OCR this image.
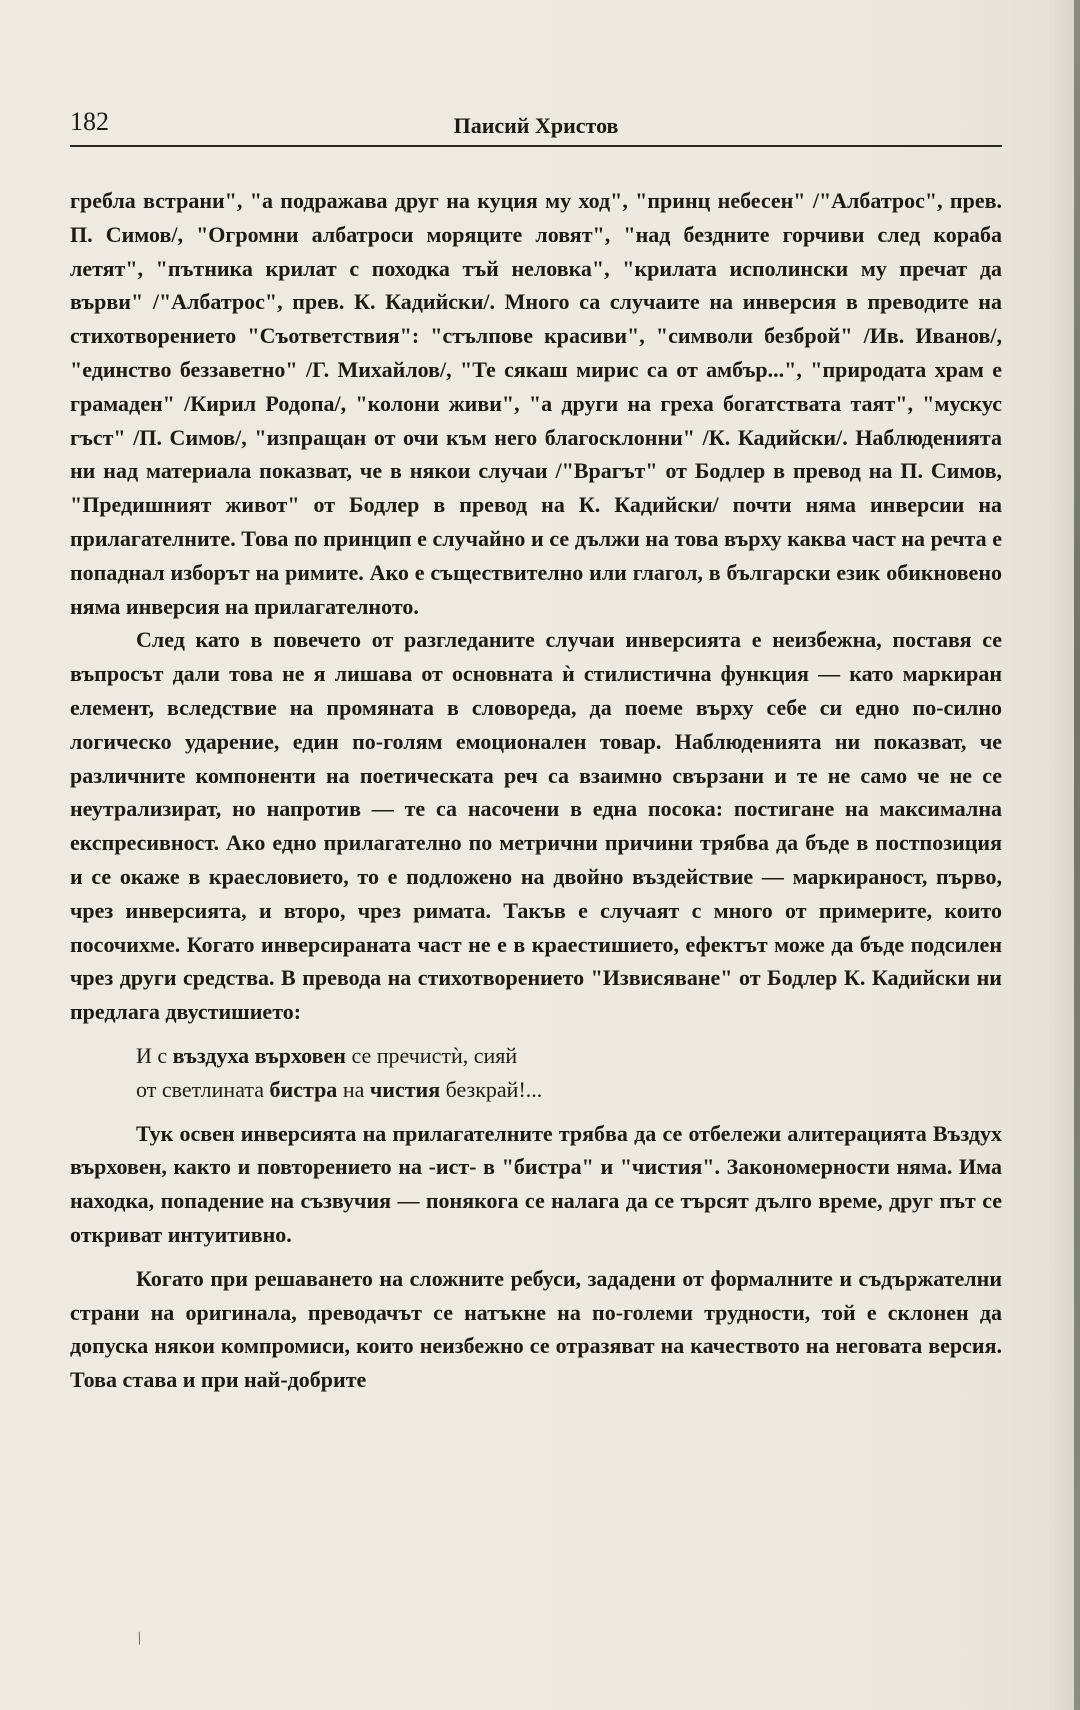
182	Паисий Христов

гребла встрани", "а подражава друг на куция му ход", "принц небесен" /"Албатрос", прев. П. Симов/, "Огромни албатроси моряците ловят", "над бездните горчиви след кораба летят", "пътника крилат с походка тъй неловка", "крилата исполински му пречат да върви" /"Албатрос", прев. К. Кадийски/. Много са случаите на инверсия в преводите на стихотворението "Съответствия": "стълпове красиви", "символи безброй" /Ив. Иванов/, "единство беззаветно" /Г. Михайлов/, "Те сякаш мирис са от амбър...", "природата храм е грамаден" /Кирил Родопа/, "колони живи", "а други на греха богатствата таят", "мускус гъст" /П. Симов/, "изпращан от очи към него благосклонни" /К. Кадийски/. Наблюденията ни над материала показват, че в някои случаи /"Врагът" от Бодлер в превод на П. Симов, "Предишният живот" от Бодлер в превод на К. Кадийски/ почти няма инверсии на прилагателните. Това по принцип е случайно и се дължи на това върху каква част на речта е попаднал изборът на римите. Ако е съществително или глагол, в български език обикновено няма инверсия на прилагателното.

След като в повечето от разгледаните случаи инверсията е неизбежна, поставя се въпросът дали това не я лишава от основната ѝ стилистична функция — като маркиран елемент, вследствие на промяната в словореда, да поеме върху себе си едно по-силно логическо ударение, един по-голям емоционален товар. Наблюденията ни показват, че различните компоненти на поетическата реч са взаимно свързани и те не само че не се неутрализират, но напротив — те са насочени в една посока: постигане на максимална експресивност. Ако едно прилагателно по метрични причини трябва да бъде в постпозиция и се окаже в краесловието, то е подложено на двойно въздействие — маркираност, първо, чрез инверсията, и второ, чрез римата. Такъв е случаят с много от примерите, които посочихме. Когато инверсираната част не е в краестишието, ефектът може да бъде подсилен чрез други средства. В превода на стихотворението "Извисяване" от Бодлер К. Кадийски ни предлага двустишието:

И с въздуха върховен се пречистѝ, сияй
от светлината бистра на чистия безкрай!...

Тук освен инверсията на прилагателните трябва да се отбележи алитерацията Въздух върховен, както и повторението на -ист- в "бистра" и "чистия". Закономерности няма. Има находка, попадение на съзвучия — понякога се налага да се търсят дълго време, друг път се откриват интуитивно.

Когато при решаването на сложните ребуси, зададени от формалните и съдържателни страни на оригинала, преводачът се натъкне на по-големи трудности, той е склонен да допуска някои компромиси, които неизбежно се отразяват на качеството на неговата версия. Това става и при най-добрите

/
